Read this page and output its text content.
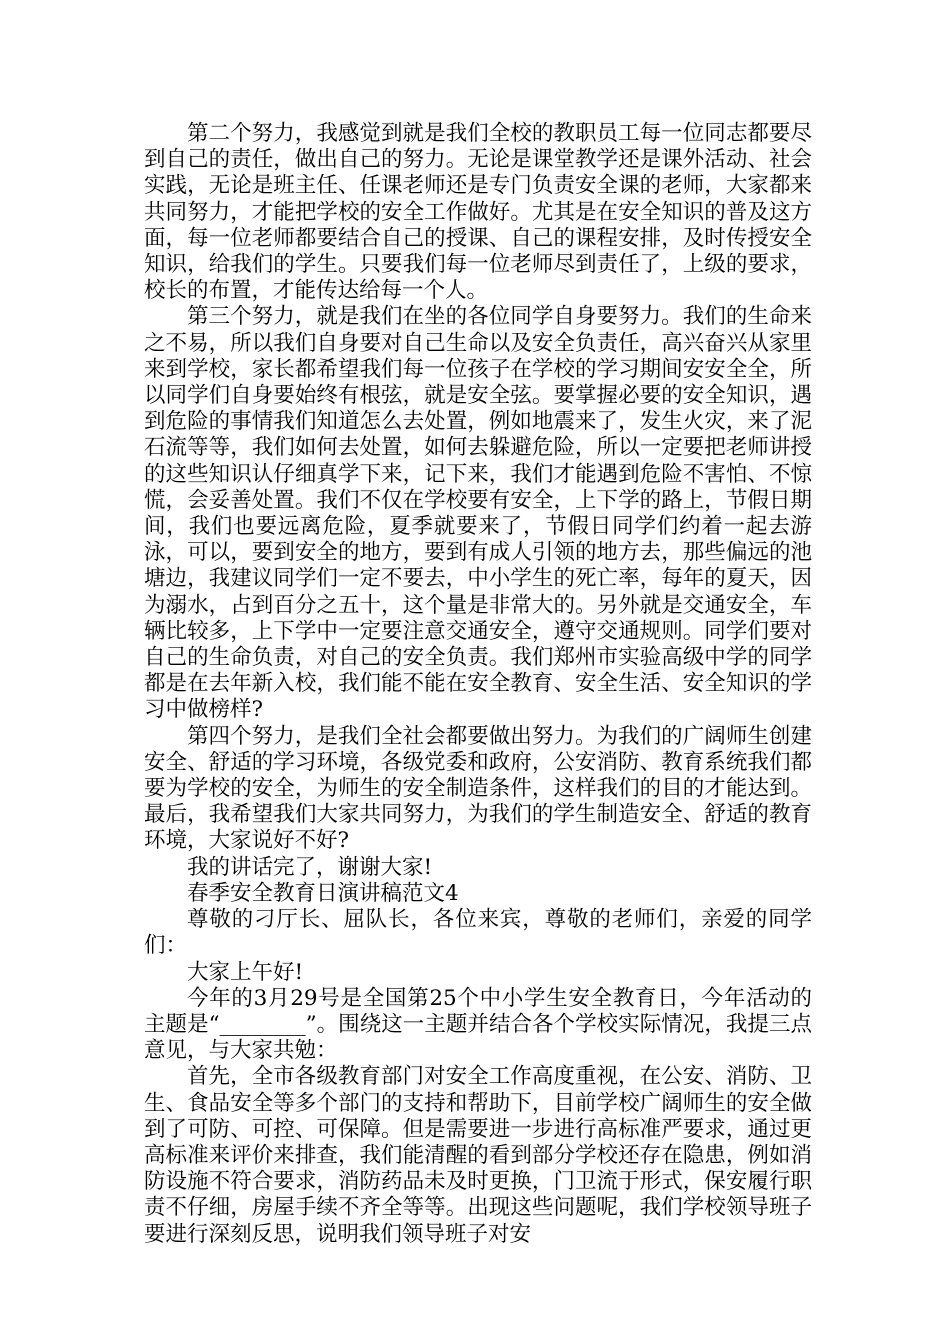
第二个努力，我感觉到就是我们全校的教职员工每一位同志都要尽到自己的责任，做出自己的努力。无论是课堂教学还是课外活动、社会实践，无论是班主任、任课老师还是专门负责安全课的老师，大家都来共同努力，才能把学校的安全工作做好。尤其是在安全知识的普及这方面，每一位老师都要结合自己的授课、自己的课程安排，及时传授安全知识，给我们的学生。只要我们每一位老师尽到责任了，上级的要求，校长的布置，才能传达给每一个人。

第三个努力，就是我们在坐的各位同学自身要努力。我们的生命来之不易，所以我们自身要对自己生命以及安全负责任，高兴奋兴从家里来到学校，家长都希望我们每一位孩子在学校的学习期间安安全全，所以同学们自身要始终有根弦，就是安全弦。要掌握必要的安全知识，遇到危险的事情我们知道怎么去处置，例如地震来了，发生火灾，来了泥石流等等，我们如何去处置，如何去躲避危险，所以一定要把老师讲授的这些知识认仔细真学下来，记下来，我们才能遇到危险不害怕、不惊慌，会妥善处置。我们不仅在学校要有安全，上下学的路上，节假日期间，我们也要远离危险，夏季就要来了，节假日同学们约着一起去游泳，可以，要到安全的地方，要到有成人引领的地方去，那些偏远的池塘边，我建议同学们一定不要去，中小学生的死亡率，每年的夏天，因为溺水，占到百分之五十，这个量是非常大的。另外就是交通安全，车辆比较多，上下学中一定要注意交通安全，遵守交通规则。同学们要对自己的生命负责，对自己的安全负责。我们郑州市实验高级中学的同学都是在去年新入校，我们能不能在安全教育、安全生活、安全知识的学习中做榜样?

第四个努力，是我们全社会都要做出努力。为我们的广阔师生创建安全、舒适的学习环境，各级党委和政府，公安消防、教育系统我们都要为学校的安全，为师生的安全制造条件，这样我们的目的才能达到。最后，我希望我们大家共同努力，为我们的学生制造安全、舒适的教育环境，大家说好不好?

我的讲话完了，谢谢大家!

春季安全教育日演讲稿范文4

尊敬的刁厅长、屈队长，各位来宾，尊敬的老师们，亲爱的同学们：

大家上午好!

今年的3月29号是全国第25个中小学生安全教育日，今年活动的主题是“________”。围绕这一主题并结合各个学校实际情况，我提三点意见，与大家共勉：

首先，全市各级教育部门对安全工作高度重视，在公安、消防、卫生、食品安全等多个部门的支持和帮助下，目前学校广阔师生的安全做到了可防、可控、可保障。但是需要进一步进行高标准严要求，通过更高标准来评价来排查，我们能清醒的看到部分学校还存在隐患，例如消防设施不符合要求，消防药品未及时更换，门卫流于形式，保安履行职责不仔细，房屋手续不齐全等等。出现这些问题呢，我们学校领导班子要进行深刻反思，说明我们领导班子对安
